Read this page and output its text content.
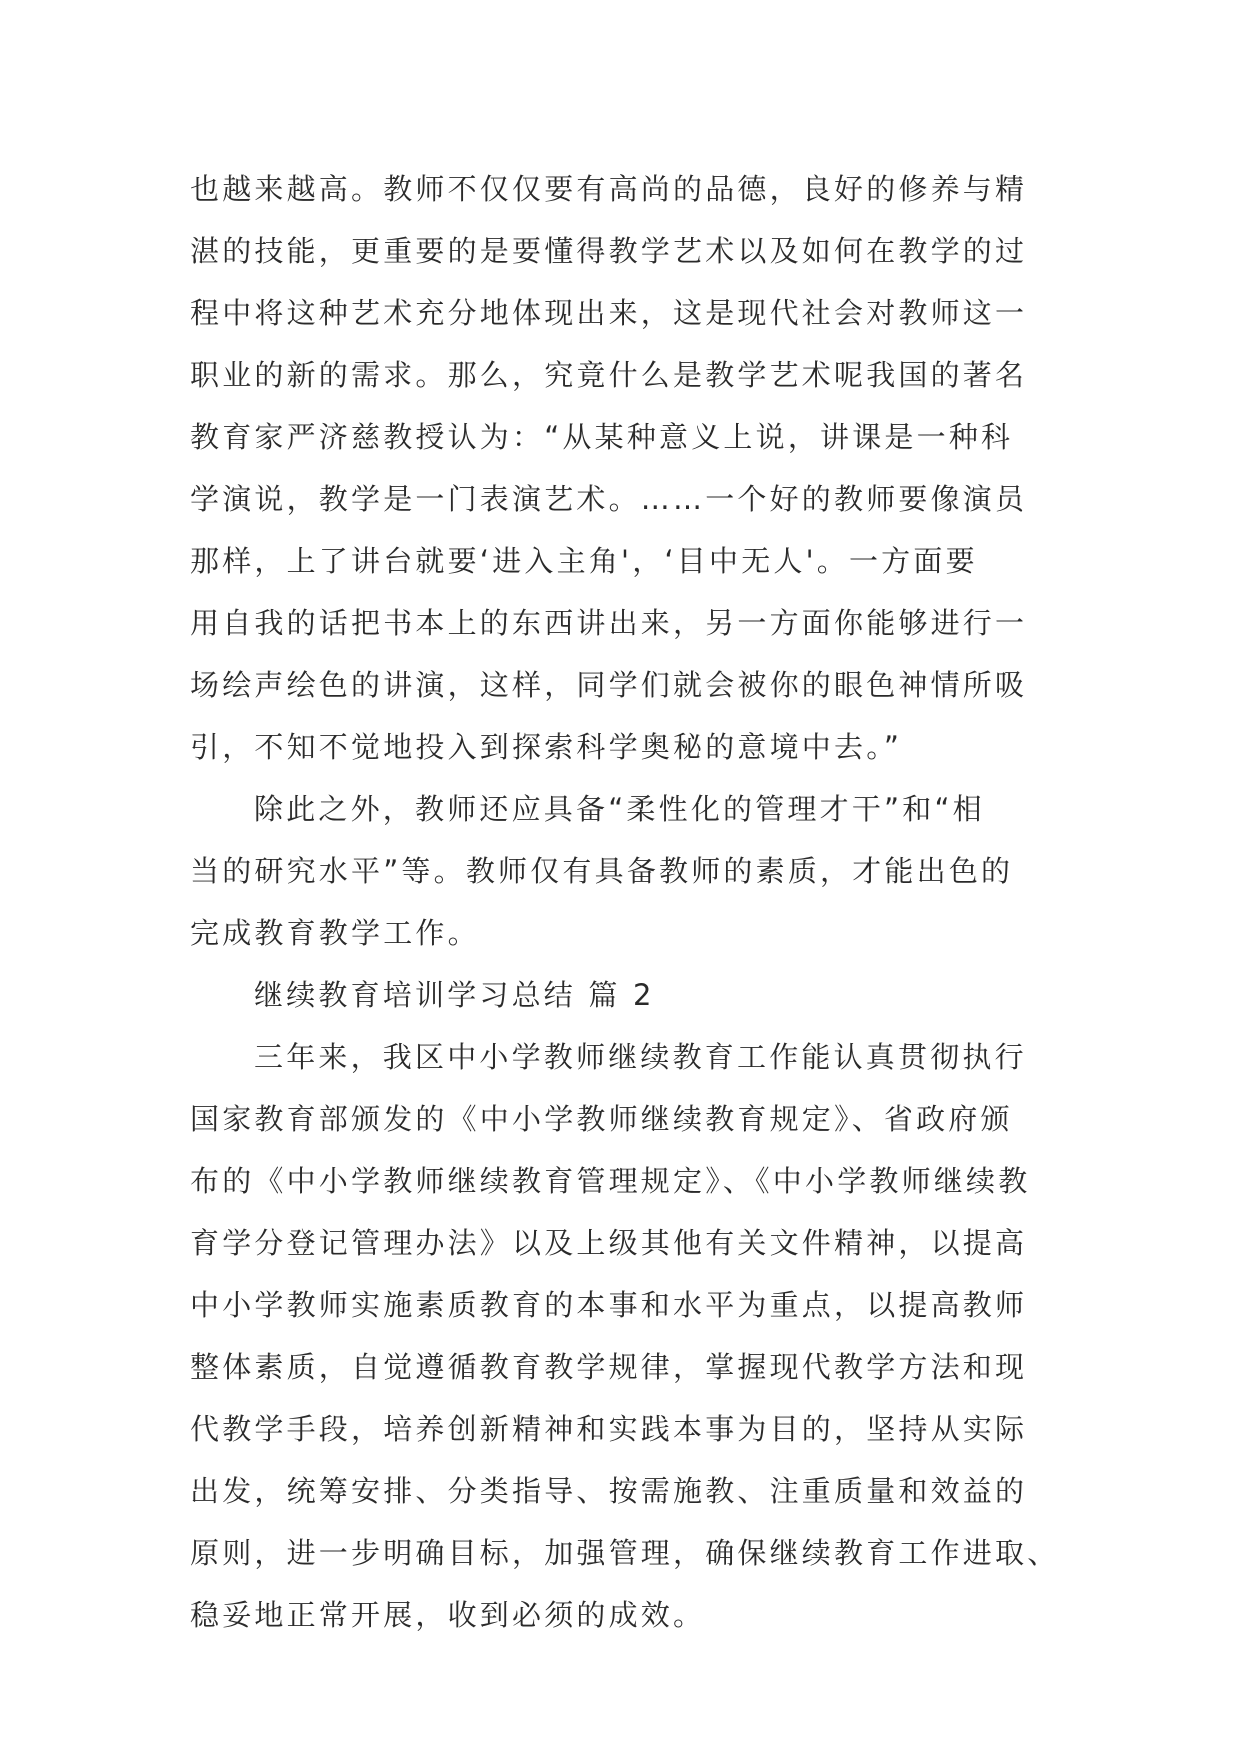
也越来越高。教师不仅仅要有高尚的品德，良好的修养与精
湛的技能，更重要的是要懂得教学艺术以及如何在教学的过
程中将这种艺术充分地体现出来，这是现代社会对教师这一
职业的新的需求。那么，究竟什么是教学艺术呢我国的著名
教育家严济慈教授认为：“从某种意义上说，讲课是一种科
学演说，教学是一门表演艺术。……一个好的教师要像演员
那样，上了讲台就要‘进入主角'，‘目中无人'。一方面要
用自我的话把书本上的东西讲出来，另一方面你能够进行一
场绘声绘色的讲演，这样，同学们就会被你的眼色神情所吸
引，不知不觉地投入到探索科学奥秘的意境中去。”
除此之外，教师还应具备“柔性化的管理才干”和“相
当的研究水平”等。教师仅有具备教师的素质，才能出色的
完成教育教学工作。
继续教育培训学习总结 篇 2
三年来，我区中小学教师继续教育工作能认真贯彻执行
国家教育部颁发的《中小学教师继续教育规定》、省政府颁
布的《中小学教师继续教育管理规定》、《中小学教师继续教
育学分登记管理办法》以及上级其他有关文件精神，以提高
中小学教师实施素质教育的本事和水平为重点，以提高教师
整体素质，自觉遵循教育教学规律，掌握现代教学方法和现
代教学手段，培养创新精神和实践本事为目的，坚持从实际
出发，统筹安排、分类指导、按需施教、注重质量和效益的
原则，进一步明确目标，加强管理，确保继续教育工作进取、
稳妥地正常开展，收到必须的成效。
